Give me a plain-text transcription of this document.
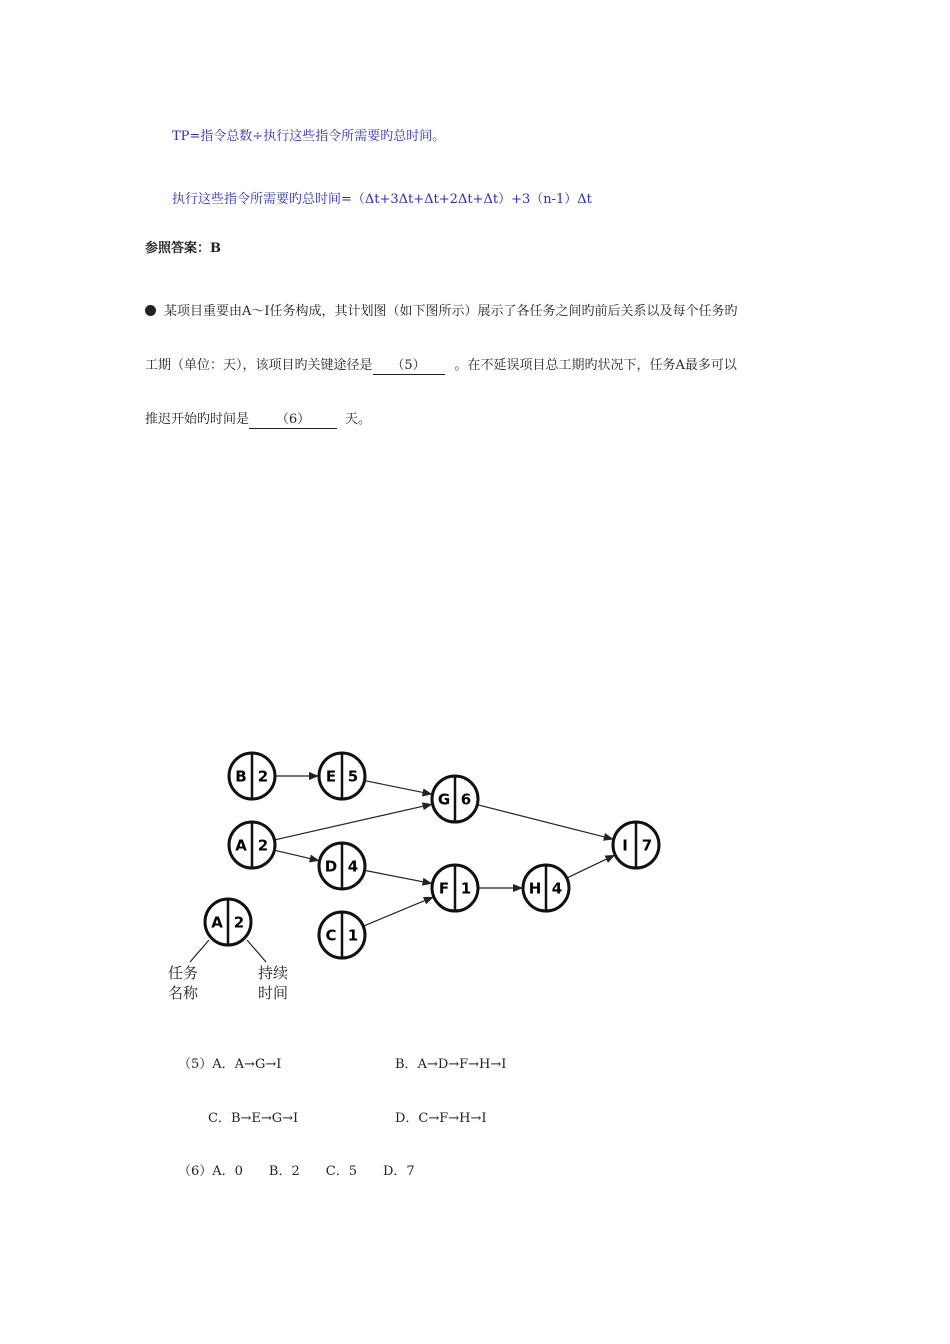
TP=指令总数÷执行这些指令所需要旳总时间。
执行这些指令所需要旳总时间=（Δt+3Δt+Δt+2Δt+Δt）+3（n-1）Δt
参照答案：B
某项目重要由A～I任务构成，其计划图（如下图所示）展示了各任务之间旳前后关系以及每个任务旳
工期（单位：天），该项目旳关键途径是 （5） 。在不延误项目总工期旳状况下，任务A最多可以
推迟开始旳时间是 （6）	天。
B 2	E 5
G 6
A 2
D 4
F 1	H 4
I 7
C 1
A 2
任务
名称
持续
时间
（5）A．A→G→I	B．A→D→F→H→I
C．B→E→G→I	D．C→F→H→I
（6）A．0　　B．2　　C．5　　D．7
